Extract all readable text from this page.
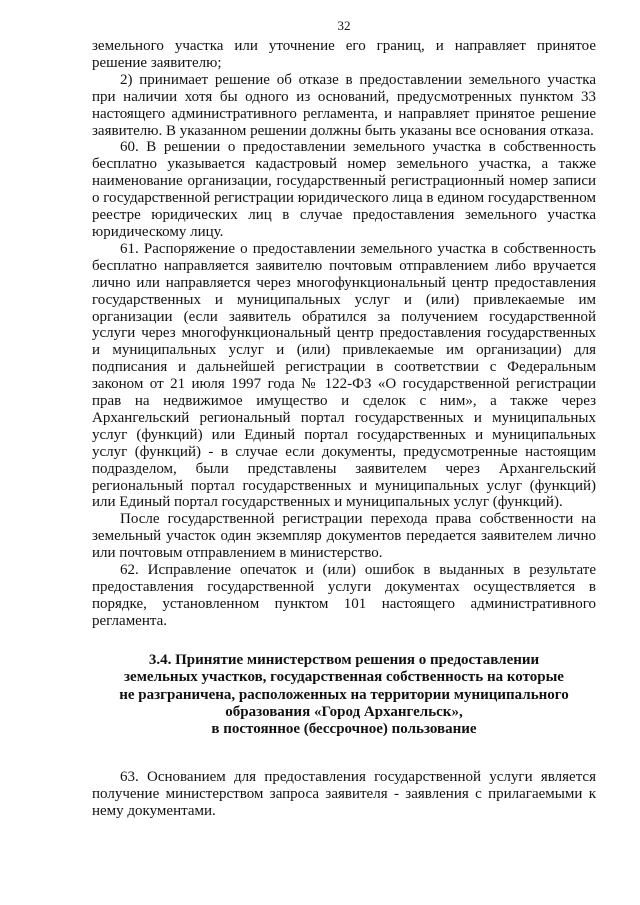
32

земельного участка или уточнение его границ, и направляет принятое решение заявителю;

2) принимает решение об отказе в предоставлении земельного участка при наличии хотя бы одного из оснований, предусмотренных пунктом 33 настоящего административного регламента, и направляет принятое решение заявителю. В указанном решении должны быть указаны все основания отказа.

60. В решении о предоставлении земельного участка в собственность бесплатно указывается кадастровый номер земельного участка, а также наименование организации, государственный регистрационный номер записи о государственной регистрации юридического лица в едином государственном реестре юридических лиц в случае предоставления земельного участка юридическому лицу.

61. Распоряжение о предоставлении земельного участка в собственность бесплатно направляется заявителю почтовым отправлением либо вручается лично или направляется через многофункциональный центр предоставления государственных и муниципальных услуг и (или) привлекаемые им организации (если заявитель обратился за получением государственной услуги через многофункциональный центр предоставления государственных и муниципальных услуг и (или) привлекаемые им организации) для подписания и дальнейшей регистрации в соответствии с Федеральным законом от 21 июля 1997 года № 122-ФЗ «О государственной регистрации прав на недвижимое имущество и сделок с ним», а также через Архангельский региональный портал государственных и муниципальных услуг (функций) или Единый портал государственных и муниципальных услуг (функций) - в случае если документы, предусмотренные настоящим подразделом, были представлены заявителем через Архангельский региональный портал государственных и муниципальных услуг (функций) или Единый портал государственных и муниципальных услуг (функций).

После государственной регистрации перехода права собственности на земельный участок один экземпляр документов передается заявителем лично или почтовым отправлением в министерство.

62. Исправление опечаток и (или) ошибок в выданных в результате предоставления государственной услуги документах осуществляется в порядке, установленном пунктом 101 настоящего административного регламента.

3.4. Принятие министерством решения о предоставлении
земельных участков, государственная собственность на которые
не разграничена, расположенных на территории муниципального
образования «Город Архангельск»,
в постоянное (бессрочное) пользование

63. Основанием для предоставления государственной услуги является получение министерством запроса заявителя - заявления с прилагаемыми к нему документами.
